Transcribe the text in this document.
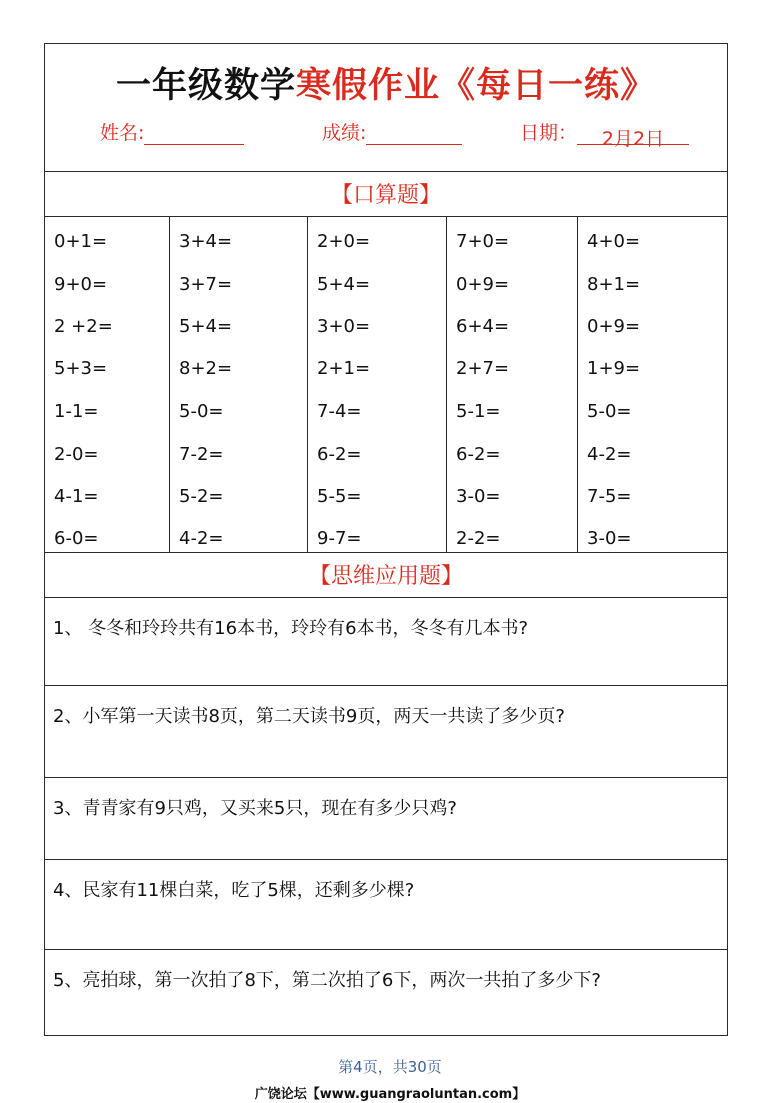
一年级数学寒假作业《每日一练》
姓名:	成绩:	日期： 2月2日
【口算题】
0+1=
9+0=
2 +2=
5+3=
1-1=
2-0=
4-1=
6-0=
3+4=
3+7=
5+4=
8+2=
5-0=
7-2=
5-2=
4-2=
2+0=
5+4=
3+0=
2+1=
7-4=
6-2=
5-5=
9-7=
7+0=
0+9=
6+4=
2+7=
5-1=
6-2=
3-0=
2-2=
4+0=
8+1=
0+9=
1+9=
5-0=
4-2=
7-5=
3-0=
【思维应用题】
1、 冬冬和玲玲共有16本书，玲玲有6本书，冬冬有几本书?
2、小军第一天读书8页，第二天读书9页，两天一共读了多少页?
3、青青家有9只鸡，又买来5只，现在有多少只鸡?
4、民家有11棵白菜，吃了5棵，还剩多少棵?
5、亮拍球，第一次拍了8下，第二次拍了6下，两次一共拍了多少下?
第4页，共30页
广饶论坛【www.guangraoluntan.com】
